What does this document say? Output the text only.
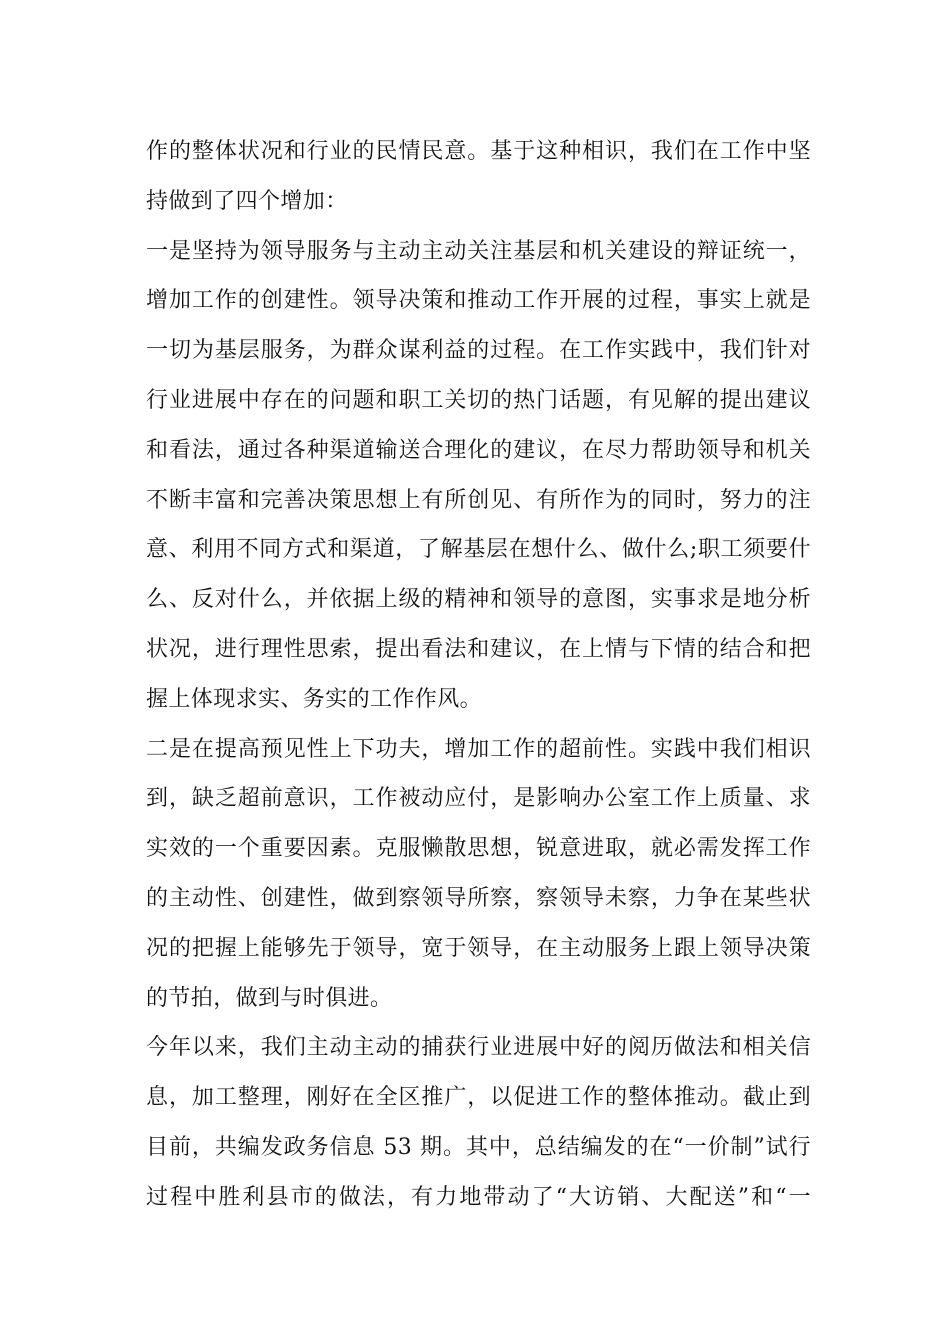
作的整体状况和行业的民情民意。基于这种相识，我们在工作中坚
持做到了四个增加：
一是坚持为领导服务与主动主动关注基层和机关建设的辩证统一，
增加工作的创建性。领导决策和推动工作开展的过程，事实上就是
一切为基层服务，为群众谋利益的过程。在工作实践中，我们针对
行业进展中存在的问题和职工关切的热门话题，有见解的提出建议
和看法，通过各种渠道输送合理化的建议，在尽力帮助领导和机关
不断丰富和完善决策思想上有所创见、有所作为的同时，努力的注
意、利用不同方式和渠道，了解基层在想什么、做什么;职工须要什
么、反对什么，并依据上级的精神和领导的意图，实事求是地分析
状况，进行理性思索，提出看法和建议，在上情与下情的结合和把
握上体现求实、务实的工作作风。
二是在提高预见性上下功夫，增加工作的超前性。实践中我们相识
到，缺乏超前意识，工作被动应付，是影响办公室工作上质量、求
实效的一个重要因素。克服懒散思想，锐意进取，就必需发挥工作
的主动性、创建性，做到察领导所察，察领导未察，力争在某些状
况的把握上能够先于领导，宽于领导，在主动服务上跟上领导决策
的节拍，做到与时俱进。
今年以来，我们主动主动的捕获行业进展中好的阅历做法和相关信
息，加工整理，刚好在全区推广，以促进工作的整体推动。截止到
目前，共编发政务信息 53 期。其中，总结编发的在“一价制”试行
过程中胜利县市的做法，有力地带动了“大访销、大配送”和“一
